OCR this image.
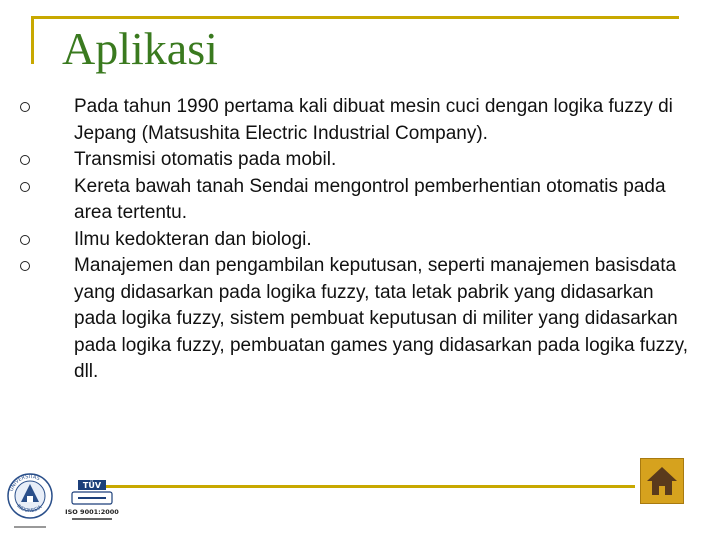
Aplikasi
Pada tahun 1990 pertama kali dibuat mesin cuci dengan logika fuzzy di Jepang (Matsushita Electric Industrial Company).
Transmisi otomatis pada mobil.
Kereta bawah tanah Sendai mengontrol pemberhentian otomatis pada area tertentu.
Ilmu kedokteran dan biologi.
Manajemen dan pengambilan keputusan, seperti manajemen basisdata yang didasarkan pada logika fuzzy, tata letak pabrik yang didasarkan pada logika fuzzy, sistem pembuat keputusan di militer yang didasarkan pada logika fuzzy, pembuatan games yang didasarkan pada logika fuzzy, dll.
UNIVERSITAS
INDONESIA
TÜV
ISO 9001:2000
